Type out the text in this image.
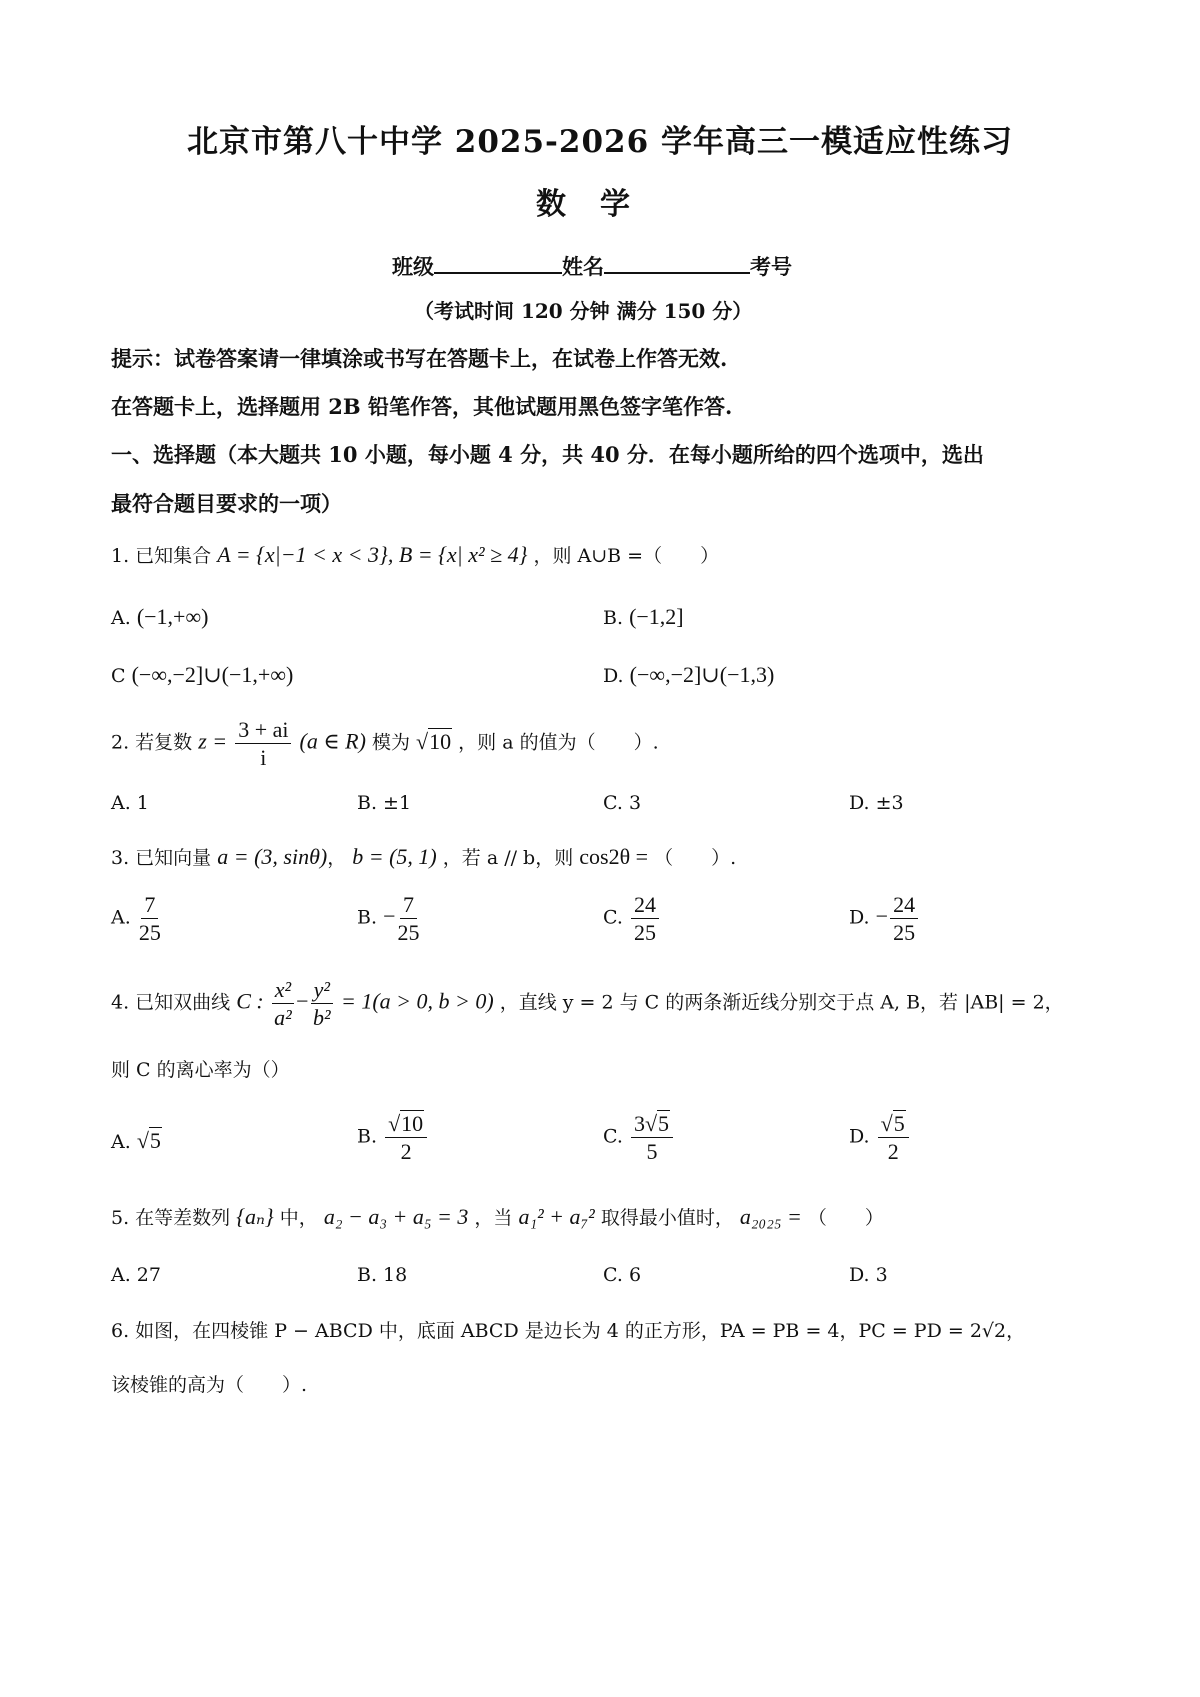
北京市第八十中学 2025-2026 学年高三一模适应性练习
数学
班级	姓名	考号
（考试时间 120 分钟 满分 150 分）
提示：试卷答案请一律填涂或书写在答题卡上，在试卷上作答无效.
在答题卡上，选择题用 2B 铅笔作答，其他试题用黑色签字笔作答.
一、选择题（本大题共 10 小题，每小题 4 分，共 40 分．在每小题所给的四个选项中，选出
最符合题目要求的一项）
1. 已知集合 A = {x|−1 < x < 3}, B = {x| x² ≥ 4} ，则 A∪B =（　　）
A. (−1,+∞)	B. (−1,2]
C (−∞,−2]∪(−1,+∞)	D. (−∞,−2]∪(−1,3)
2. 若复数 $z = \frac{3 + ai}{i} (a$ ∈ R) 模为 √10 ，则 a 的值为（　　）.
A. 1	B. ±1	C. 3	D. ±3
3. 已知向量 a = (3, sinθ)， b = (5, 1) ，若 a // b，则 cos2θ = （　　）.
A. $\frac{7}{25}$	B. − $\frac{7}{25}$	C. $\frac{24}{25}$	D. − $\frac{24}{25}$
4. 已知双曲线 C : $\frac{\text{x²}}{\text{a²}} - \frac{\text{y²}}{\text{b²}} = 1(a > 0$, b > 0) ，直线 y = 2 与 C 的两条渐近线分别交于点 A, B，若 |AB| = 2，
则 C 的离心率为（）
A. √5	B. $\frac{√10}{2}$	C. $\frac{3√5}{5}$	D. $\frac{√5}{2}$
5. 在等差数列 {aₙ} 中， a₂ − a₃ + a₅ = 3 ，当 a₁² + a₇² 取得最小值时， a₂₀₂₅ = （　　）
A. 27	B. 18	C. 6	D. 3
6. 如图，在四棱锥 P − ABCD 中，底面 ABCD 是边长为 4 的正方形，PA = PB = 4，PC = PD = 2√2，
该棱锥的高为（　　）.
